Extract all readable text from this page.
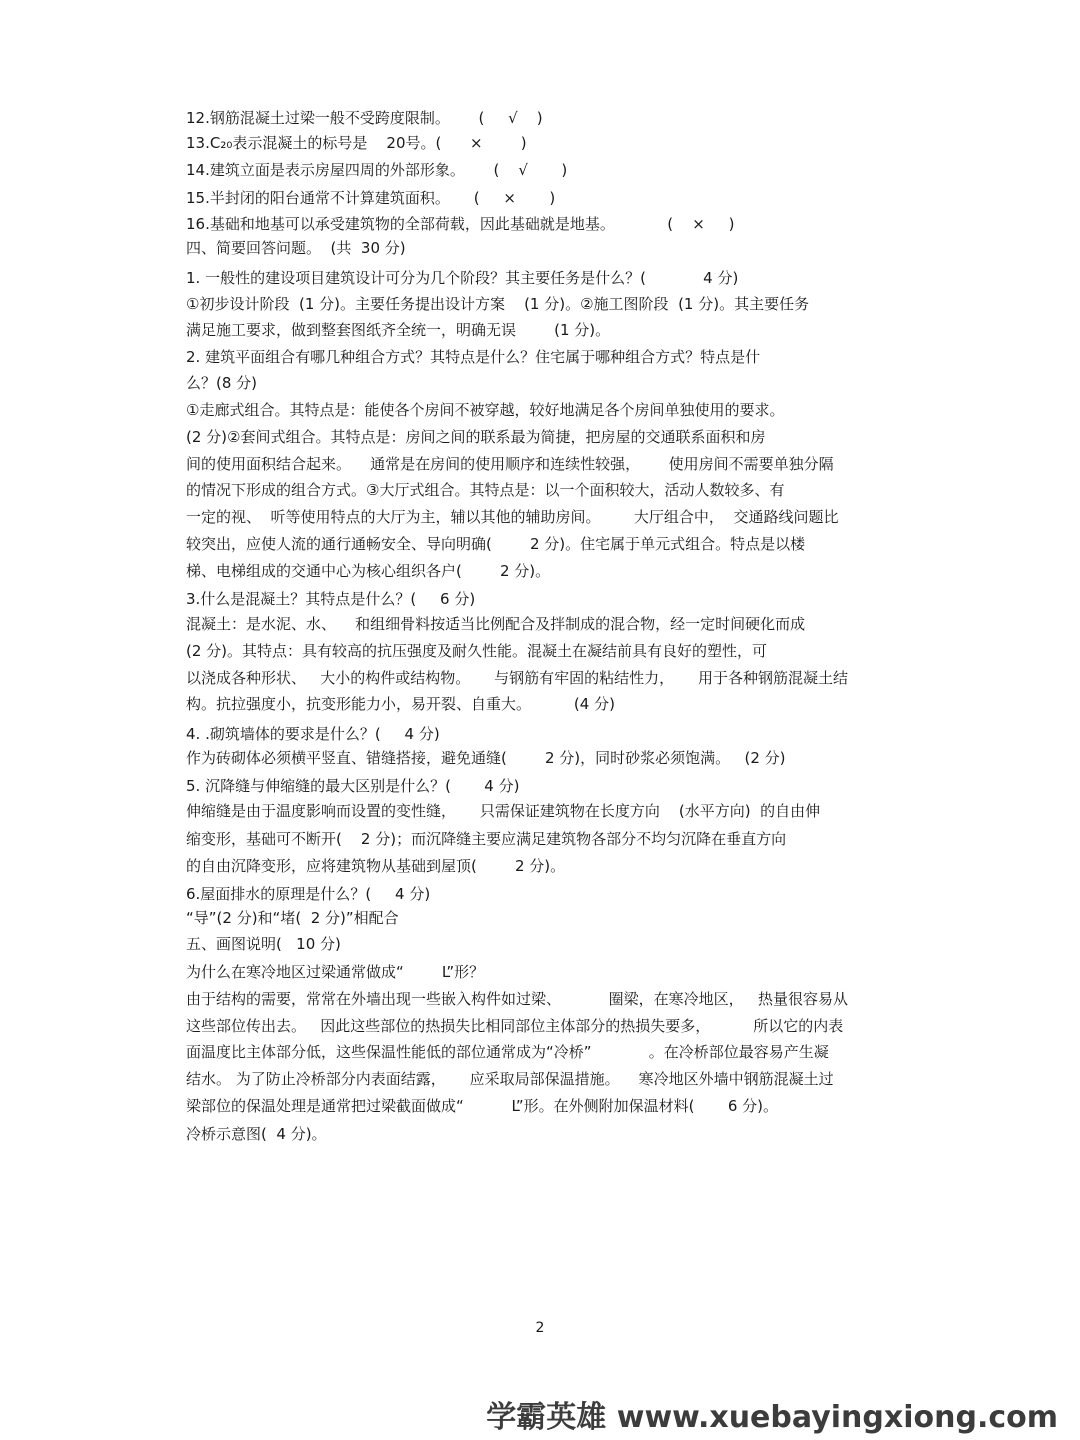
12.钢筋混凝土过梁一般不受跨度限制。      (     √    )
13.C₂₀表示混凝土的标号是    20号。(      ×        )
14.建筑立面是表示房屋四周的外部形象。      (    √       )
15.半封闭的阳台通常不计算建筑面积。     (     ×       )
16.基础和地基可以承受建筑物的全部荷载，因此基础就是地基。           (    ×     )
四、简要回答问题。  (共  30 分)
1. 一般性的建设项目建筑设计可分为几个阶段？其主要任务是什么？(            4 分)
①初步设计阶段  (1 分)。主要任务提出设计方案    (1 分)。②施工图阶段  (1 分)。其主要任务
满足施工要求，做到整套图纸齐全统一，明确无误        (1 分)。
2. 建筑平面组合有哪几种组合方式？其特点是什么？住宅属于哪种组合方式？特点是什
么？(8 分)
①走廊式组合。其特点是：能使各个房间不被穿越，较好地满足各个房间单独使用的要求。
(2 分)②套间式组合。其特点是：房间之间的联系最为简捷，把房屋的交通联系面积和房
间的使用面积结合起来。    通常是在房间的使用顺序和连续性较强，      使用房间不需要单独分隔
的情况下形成的组合方式。③大厅式组合。其特点是：以一个面积较大，活动人数较多、有
一定的视、  听等使用特点的大厅为主，辅以其他的辅助房间。       大厅组合中，  交通路线问题比
较突出，应使人流的通行通畅安全、导向明确(        2 分)。住宅属于单元式组合。特点是以楼
梯、电梯组成的交通中心为核心组织各户(        2 分)。
3.什么是混凝土？其特点是什么？(     6 分)
混凝土：是水泥、水、    和组细骨料按适当比例配合及拌制成的混合物，经一定时间硬化而成
(2 分)。其特点：具有较高的抗压强度及耐久性能。混凝土在凝结前具有良好的塑性，可
以浇成各种形状、   大小的构件或结构物。     与钢筋有牢固的粘结性力，     用于各种钢筋混凝土结
构。抗拉强度小，抗变形能力小，易开裂、自重大。         (4 分)
4. .砌筑墙体的要求是什么？(     4 分)
作为砖砌体必须横平竖直、错缝搭接，避免通缝(        2 分)，同时砂浆必须饱满。   (2 分)
5. 沉降缝与伸缩缝的最大区别是什么？(       4 分)
伸缩缝是由于温度影响而设置的变性缝，     只需保证建筑物在长度方向    (水平方向)  的自由伸
缩变形，基础可不断开(    2 分)；而沉降缝主要应满足建筑物各部分不均匀沉降在垂直方向
的自由沉降变形，应将建筑物从基础到屋顶(        2 分)。
6.屋面排水的原理是什么？(     4 分)
“导”(2 分)和“堵(  2 分)”相配合
五、画图说明(   10 分)
为什么在寒冷地区过梁通常做成“        L”形？
由于结构的需要，常常在外墙出现一些嵌入构件如过梁、          圈梁，在寒冷地区，   热量很容易从
这些部位传出去。   因此这些部位的热损失比相同部位主体部分的热损失要多，         所以它的内表
面温度比主体部分低，这些保温性能低的部位通常成为“冷桥”            。在冷桥部位最容易产生凝
结水。 为了防止冷桥部分内表面结露，     应采取局部保温措施。    寒冷地区外墙中钢筋混凝土过
梁部位的保温处理是通常把过梁截面做成“          L”形。在外侧附加保温材料(       6 分)。
冷桥示意图(  4 分)。
2
学霸英雄 www.xuebayingxiong.com
